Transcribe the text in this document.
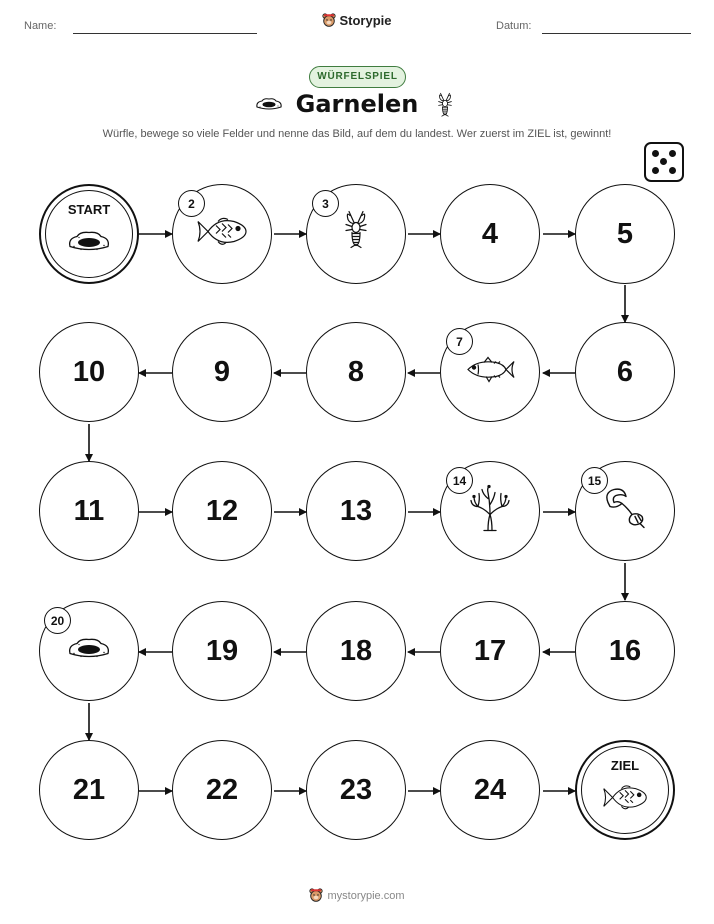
Name:	Storypie	Datum:
WÜRFELSPIEL
Garnelen
Würfle, bewege so viele Felder und nenne das Bild, auf dem du landest. Wer zuerst im ZIEL ist, gewinnt!
START	2	3
4	5
10	9	8
7
6
11	12	13
14	15
20
19	18	17	16
21	22	23	24
ZIEL
mystorypie.com
